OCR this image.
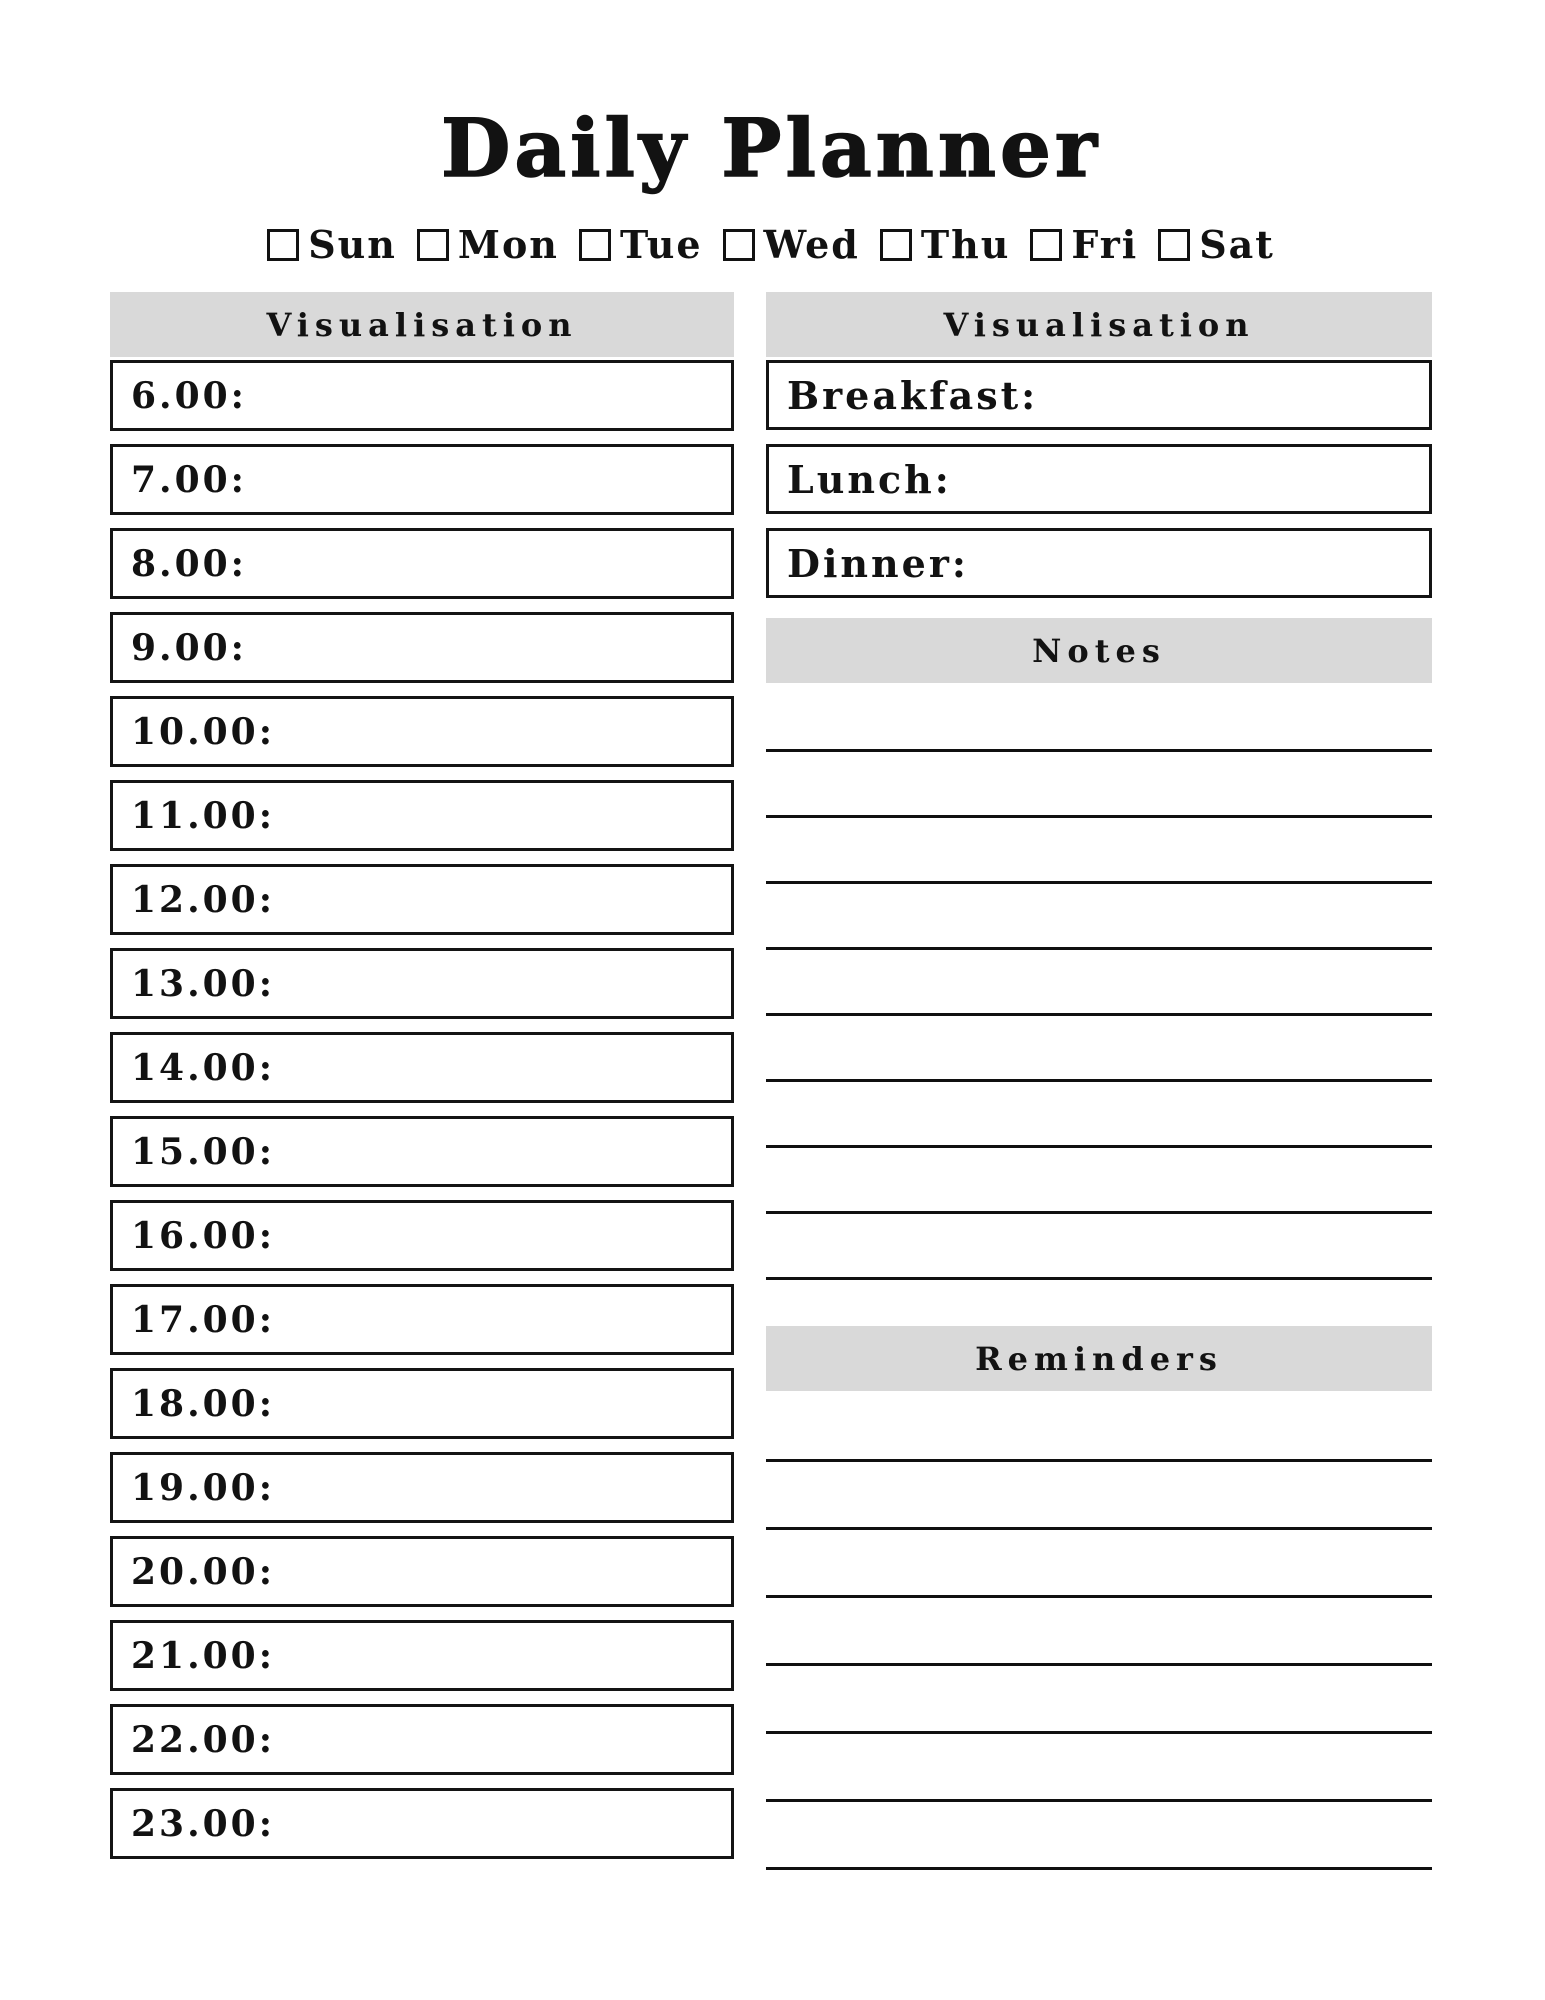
Daily Planner
Sun Mon Tue Wed Thu Fri Sat
Visualisation
6.00:
7.00:
8.00:
9.00:
10.00:
11.00:
12.00:
13.00:
14.00:
15.00:
16.00:
17.00:
18.00:
19.00:
20.00:
21.00:
22.00:
23.00:
Visualisation
Breakfast:
Lunch:
Dinner:
Notes
Reminders
